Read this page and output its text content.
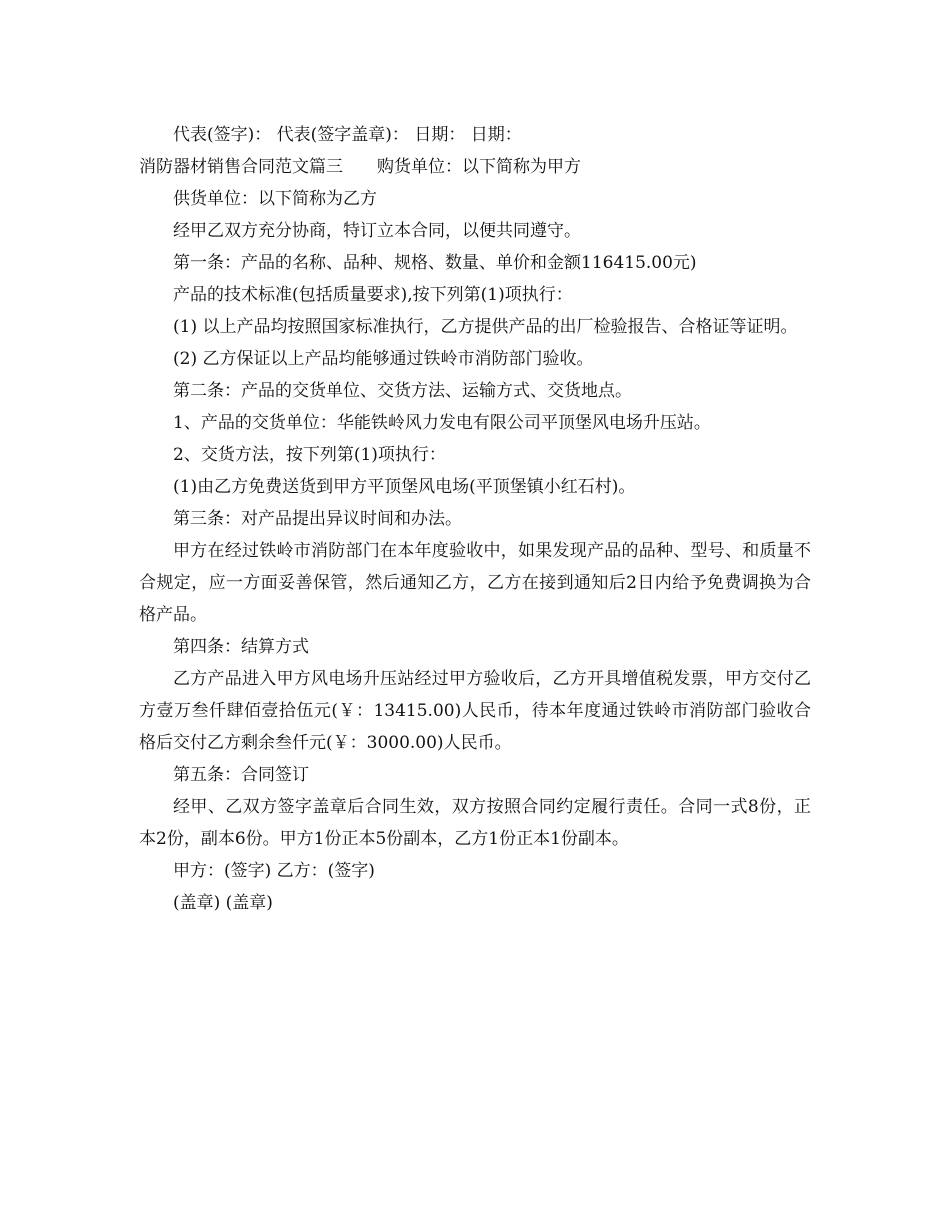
代表(签字)： 代表(签字盖章)： 日期： 日期：

消防器材销售合同范文篇三　　购货单位：以下简称为甲方

供货单位：以下简称为乙方

经甲乙双方充分协商，特订立本合同，以便共同遵守。

第一条：产品的名称、品种、规格、数量、单价和金额116415.00元)

产品的技术标准(包括质量要求),按下列第(1)项执行：

(1) 以上产品均按照国家标准执行，乙方提供产品的出厂检验报告、合格证等证明。

(2) 乙方保证以上产品均能够通过铁岭市消防部门验收。

第二条：产品的交货单位、交货方法、运输方式、交货地点。

1、产品的交货单位：华能铁岭风力发电有限公司平顶堡风电场升压站。

2、交货方法，按下列第(1)项执行：

(1)由乙方免费送货到甲方平顶堡风电场(平顶堡镇小红石村)。

第三条：对产品提出异议时间和办法。

甲方在经过铁岭市消防部门在本年度验收中，如果发现产品的品种、型号、和质量不合规定，应一方面妥善保管，然后通知乙方，乙方在接到通知后2日内给予免费调换为合格产品。

第四条：结算方式

乙方产品进入甲方风电场升压站经过甲方验收后，乙方开具增值税发票，甲方交付乙方壹万叁仟肆佰壹拾伍元(￥：13415.00)人民币，待本年度通过铁岭市消防部门验收合格后交付乙方剩余叁仟元(￥：3000.00)人民币。

第五条：合同签订

经甲、乙双方签字盖章后合同生效，双方按照合同约定履行责任。合同一式8份，正本2份，副本6份。甲方1份正本5份副本，乙方1份正本1份副本。

甲方：(签字) 乙方：(签字)
(盖章) (盖章)
